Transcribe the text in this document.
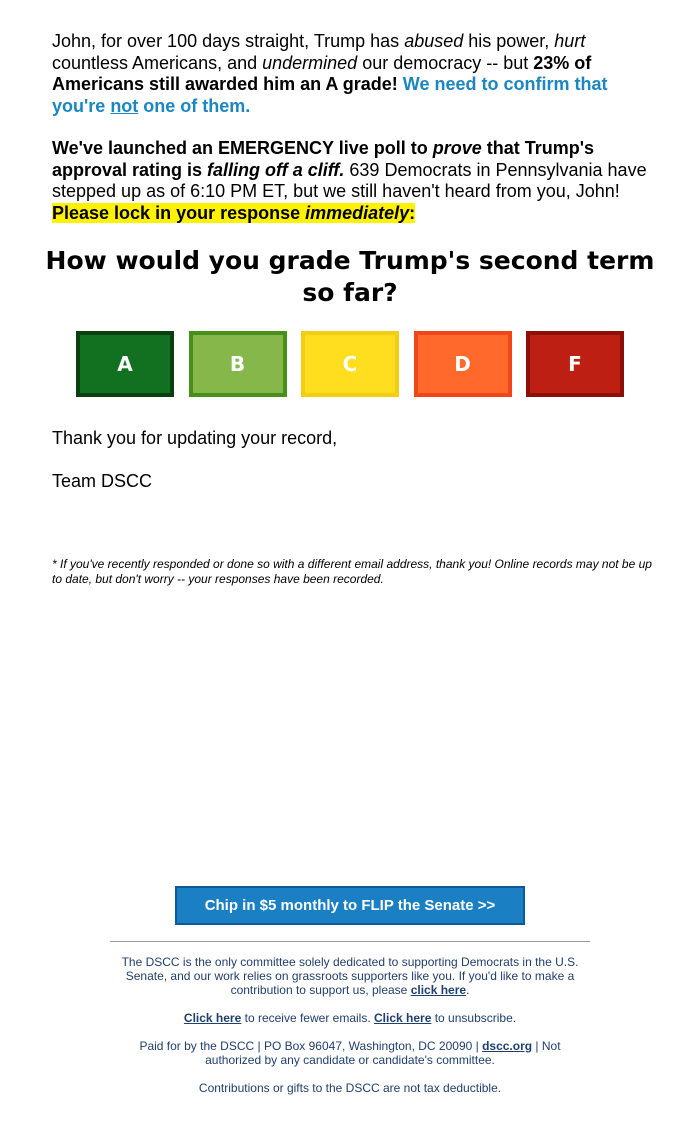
John, for over 100 days straight, Trump has abused his power, hurt countless Americans, and undermined our democracy -- but 23% of Americans still awarded him an A grade! We need to confirm that you're not one of them.
We've launched an EMERGENCY live poll to prove that Trump's approval rating is falling off a cliff. 639 Democrats in Pennsylvania have stepped up as of 6:10 PM ET, but we still haven't heard from you, John!
Please lock in your response immediately:
How would you grade Trump's second term so far?
A	B	C	D	F
Thank you for updating your record,
Team DSCC
* If you've recently responded or done so with a different email address, thank you! Online records may not be up to date, but don't worry -- your responses have been recorded.
Chip in $5 monthly to FLIP the Senate >>
The DSCC is the only committee solely dedicated to supporting Democrats in the U.S. Senate, and our work relies on grassroots supporters like you. If you'd like to make a contribution to support us, please click here.
Click here to receive fewer emails. Click here to unsubscribe.
Paid for by the DSCC | PO Box 96047, Washington, DC 20090 | dscc.org | Not authorized by any candidate or candidate's committee.
Contributions or gifts to the DSCC are not tax deductible.
